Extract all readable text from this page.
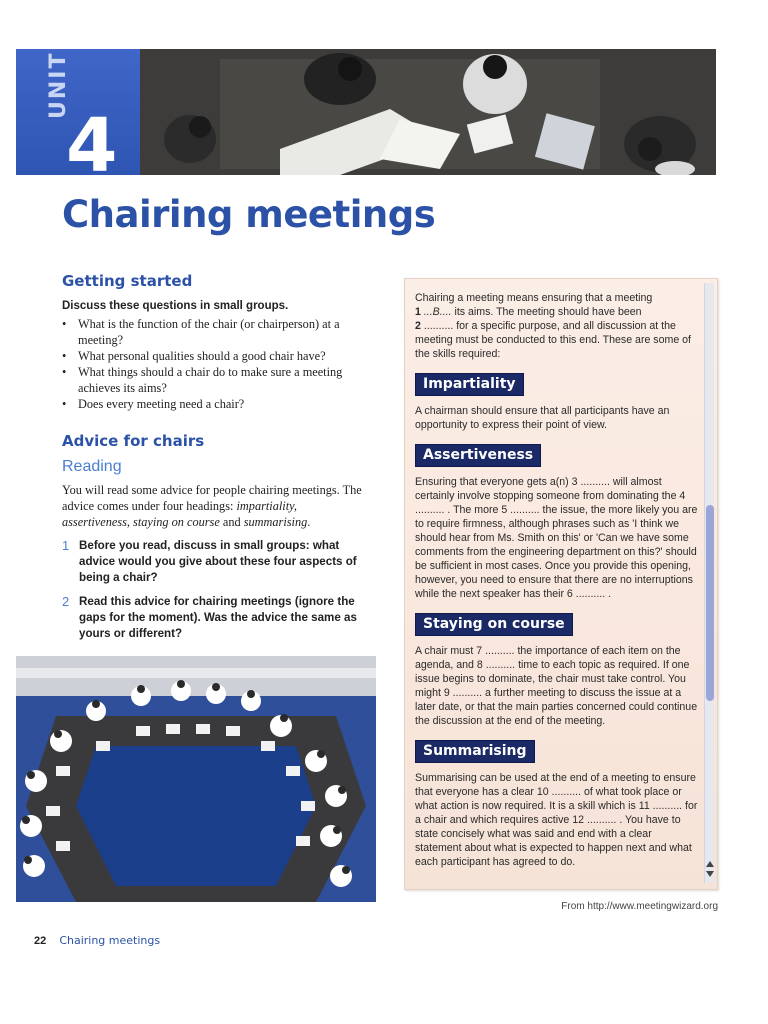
UNIT
4
Chairing meetings
Getting started
Discuss these questions in small groups.
• What is the function of the chair (or chairperson) at a meeting?
• What personal qualities should a good chair have?
• What things should a chair do to make sure a meeting achieves its aims?
• Does every meeting need a chair?
Advice for chairs
Reading
You will read some advice for people chairing meetings. The advice comes under four headings: impartiality, assertiveness, staying on course and summarising.
1 Before you read, discuss in small groups: what advice would you give about these four aspects of being a chair?
2 Read this advice for chairing meetings (ignore the gaps for the moment). Was the advice the same as yours or different?
Chairing a meeting means ensuring that a meeting
1 ...B.... its aims. The meeting should have been
2 .......... for a specific purpose, and all discussion at the meeting must be conducted to this end. These are some of the skills required:
Impartiality
A chairman should ensure that all participants have an opportunity to express their point of view.
Assertiveness
Ensuring that everyone gets a(n) 3 .......... will almost certainly involve stopping someone from dominating the 4 .......... . The more 5 .......... the issue, the more likely you are to require firmness, although phrases such as 'I think we should hear from Ms. Smith on this' or 'Can we have some comments from the engineering department on this?' should be sufficient in most cases. Once you provide this opening, however, you need to ensure that there are no interruptions while the next speaker has their 6 .......... .
Staying on course
A chair must 7 .......... the importance of each item on the agenda, and 8 .......... time to each topic as required. If one issue begins to dominate, the chair must take control. You might 9 .......... a further meeting to discuss the issue at a later date, or that the main parties concerned could continue the discussion at the end of the meeting.
Summarising
Summarising can be used at the end of a meeting to ensure that everyone has a clear 10 .......... of what took place or what action is now required. It is a skill which is 11 .......... for a chair and which requires active 12 .......... . You have to state concisely what was said and end with a clear statement about what is expected to happen next and what each participant has agreed to do.
From http://www.meetingwizard.org
22 Chairing meetings
